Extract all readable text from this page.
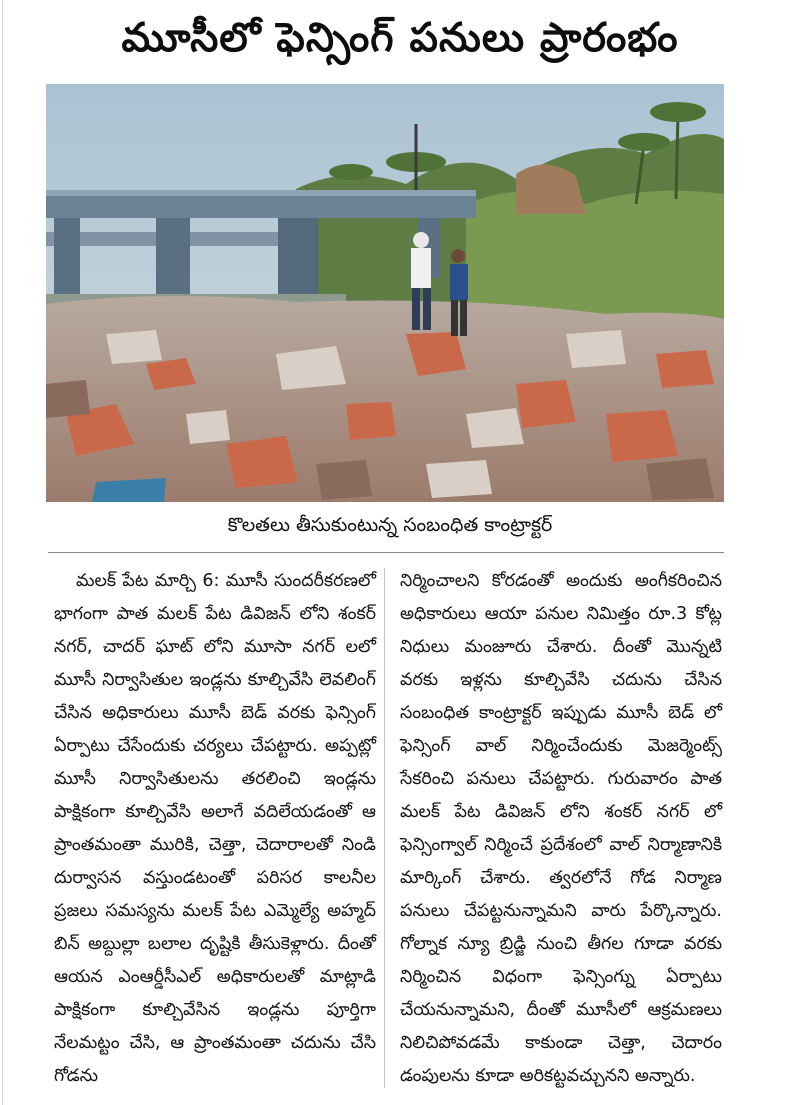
మూసీలో ఫెన్సింగ్ పనులు ప్రారంభం
కొలతలు తీసుకుంటున్న సంబంధిత కాంట్రాక్టర్
మలక్ పేట మార్చి 6: మూసీ సుందరీకరణలో భాగంగా పాత మలక్ పేట డివిజన్ లోని శంకర్ నగర్, చాదర్ ఘాట్ లోని మూసా నగర్ లలో మూసీ నిర్వాసితుల ఇండ్లను కూల్చివేసి లెవలింగ్ చేసిన అధికారులు మూసీ బెడ్ వరకు ఫెన్సింగ్ ఏర్పాటు చేసేందుకు చర్యలు చేపట్టారు. అప్పట్లో మూసీ నిర్వాసితులను తరలించి ఇండ్లను పాక్షికంగా కూల్చివేసి అలాగే వదిలేయడంతో ఆ ప్రాంతమంతా మురికి, చెత్తా, చెదారాలతో నిండి దుర్వాసన వస్తుండటంతో పరిసర కాలనీల ప్రజలు సమస్యను మలక్ పేట ఎమ్మెల్యే అహ్మద్ బిన్ అబ్దుల్లా బలాల దృష్టికి తీసుకెళ్లారు. దీంతో ఆయన ఎంఆర్డీసీఎల్ అధికారులతో మాట్లాడి పాక్షికంగా కూల్చివేసిన ఇండ్లను పూర్తిగా నేలమట్టం చేసి, ఆ ప్రాంతమంతా చదును చేసి గోడను
నిర్మించాలని కోరడంతో అందుకు అంగీకరించిన అధికారులు ఆయా పనుల నిమిత్తం రూ.3 కోట్ల నిధులు మంజూరు చేశారు. దీంతో మొన్నటి వరకు ఇళ్లను కూల్చివేసి చదును చేసిన సంబంధిత కాంట్రాక్టర్ ఇప్పుడు మూసీ బెడ్ లో ఫెన్సింగ్ వాల్ నిర్మించేందుకు మెజర్మెంట్స్ సేకరించి పనులు చేపట్టారు. గురువారం పాత మలక్ పేట డివిజన్ లోని శంకర్ నగర్ లో ఫెన్సింగ్వాల్ నిర్మించే ప్రదేశంలో వాల్ నిర్మాణానికి మార్కింగ్ చేశారు. త్వరలోనే గోడ నిర్మాణ పనులు చేపట్టనున్నామని వారు పేర్కొన్నారు. గోల్నాక న్యూ బ్రిడ్జి నుంచి తీగల గూడా వరకు నిర్మించిన విధంగా ఫెన్సింగ్ను ఏర్పాటు చేయనున్నామని, దీంతో మూసీలో ఆక్రమణలు నిలిచిపోవడమే కాకుండా చెత్తా, చెదారం డంపులను కూడా అరికట్టవచ్చునని అన్నారు.
